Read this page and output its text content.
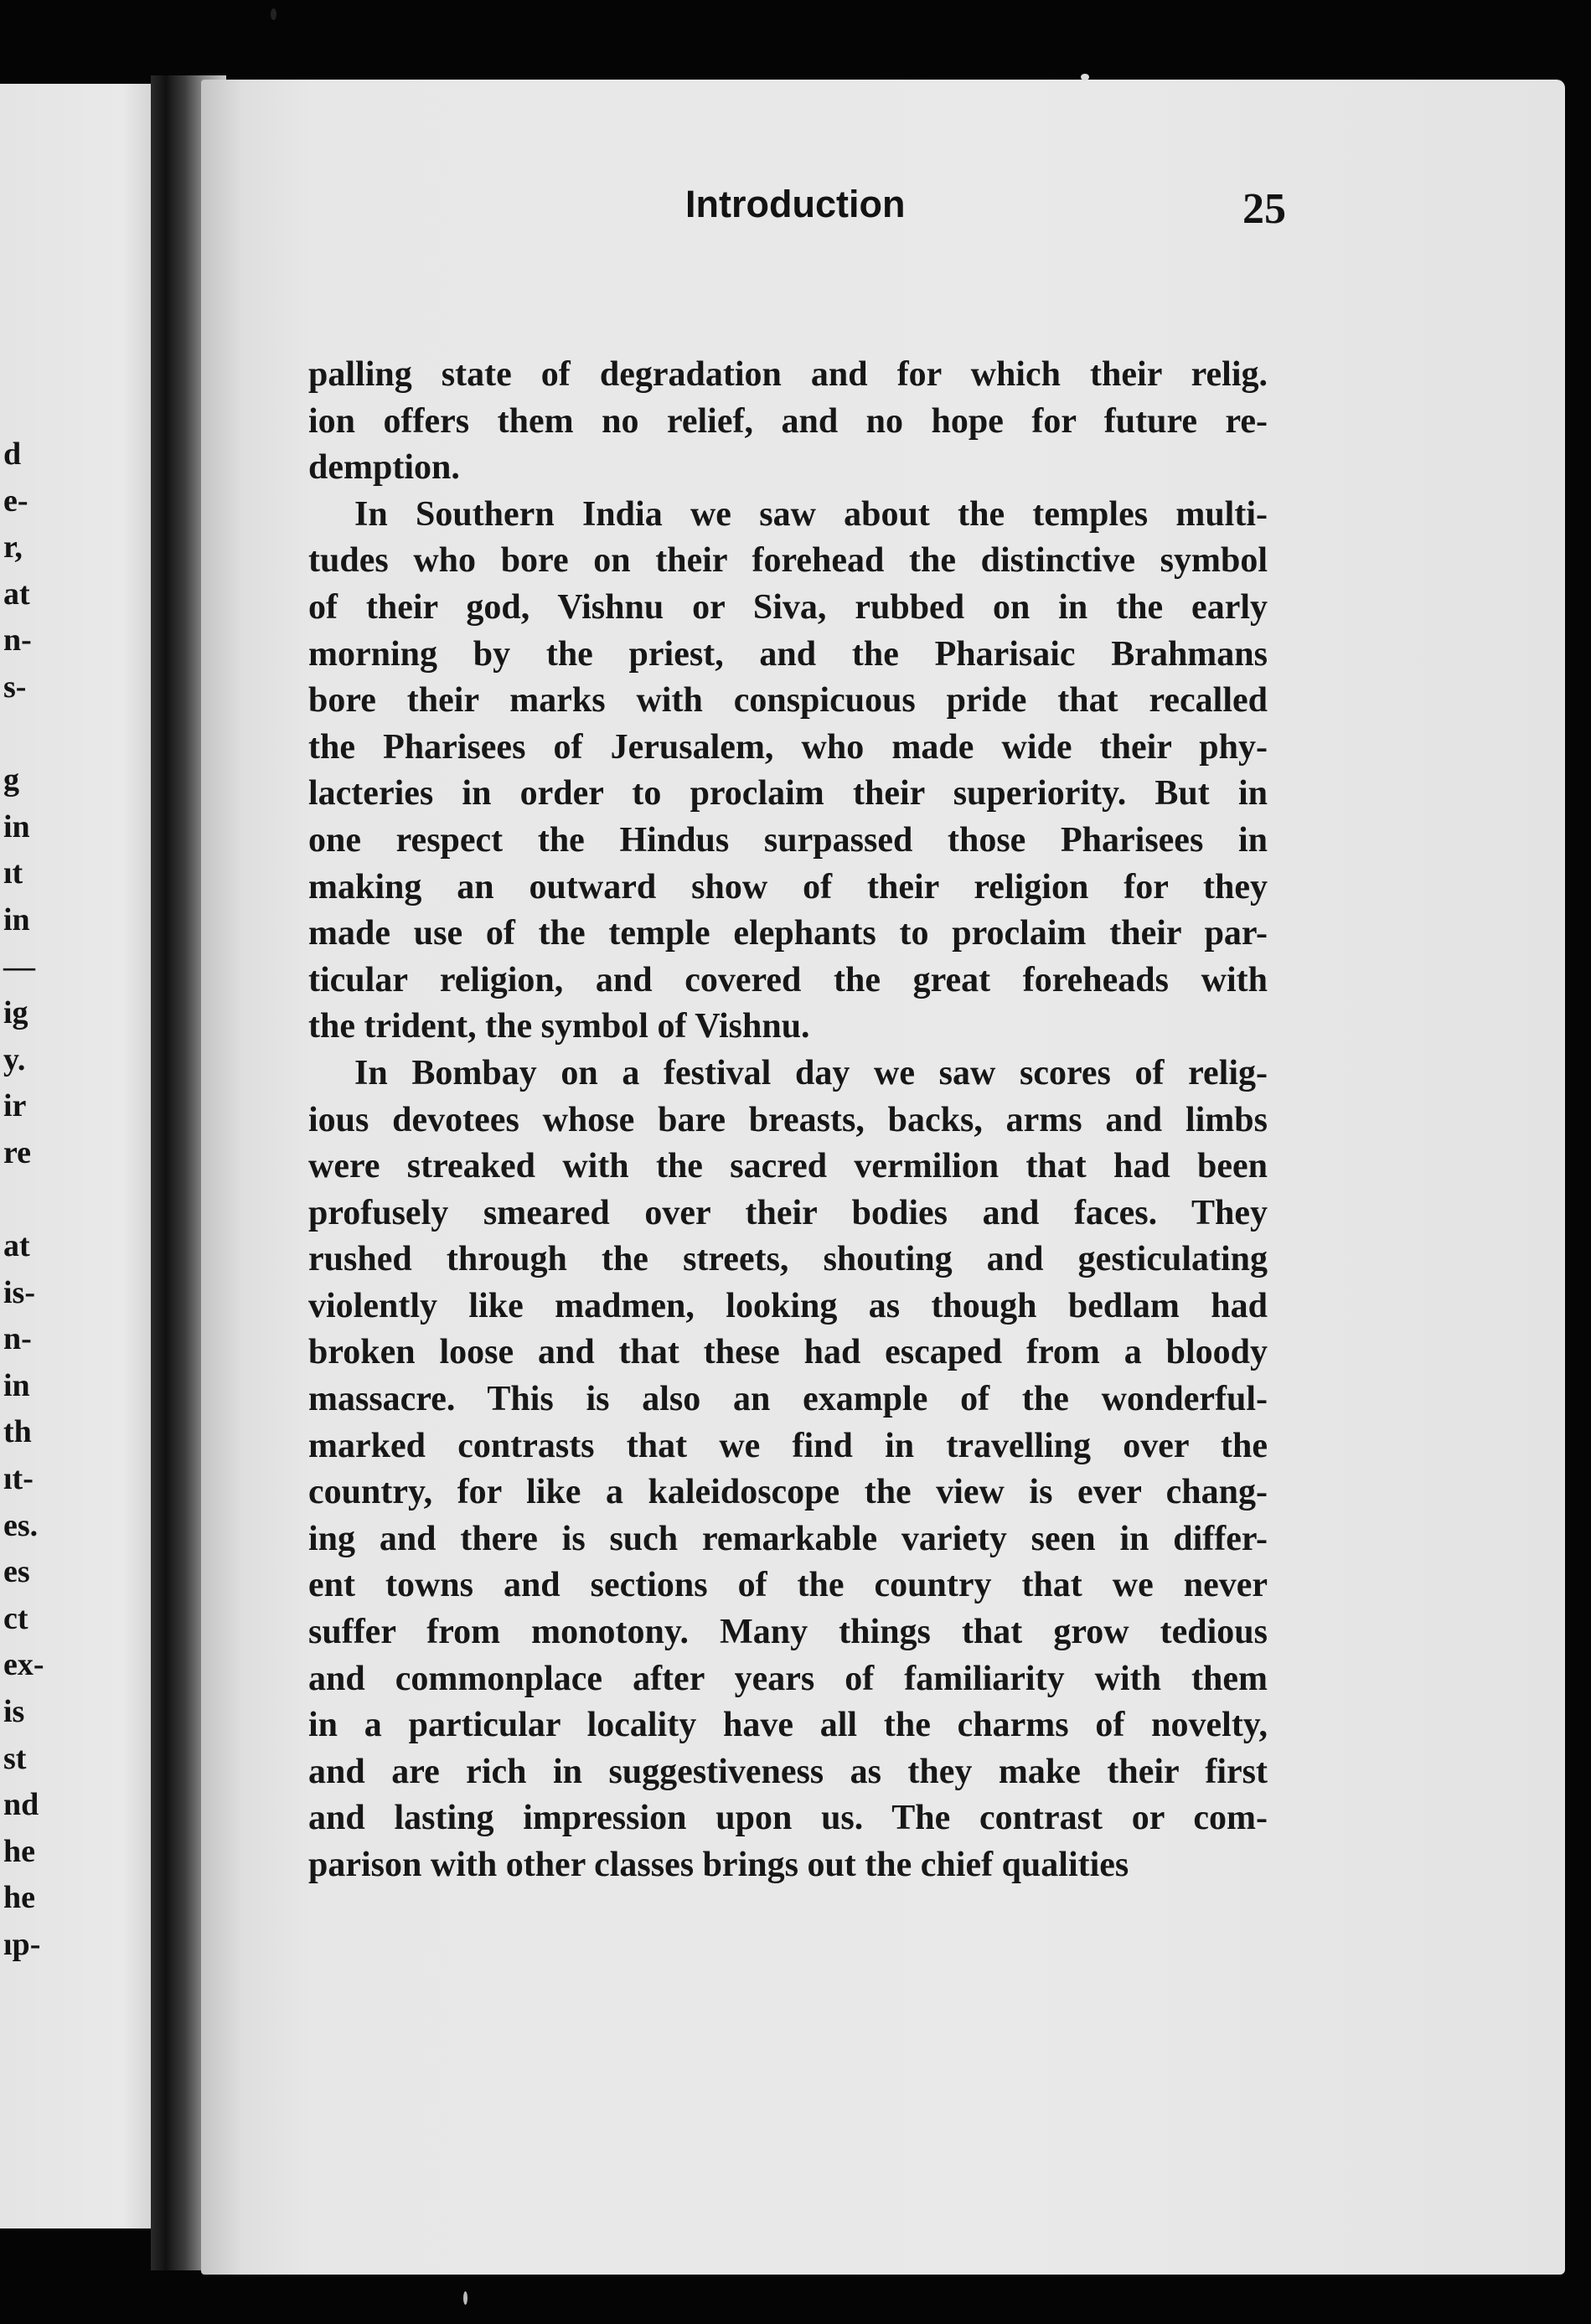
d
e-
r,
at
n-
s-
g
in
ıt
in
—
ig
y.
ir
re
at
is-
n-
in
th
ıt-
es.
es
ct
ex-
is
st
nd
he
he
ıp-
Introduction	25
palling state of degradation and for which their relig.
ion offers them no relief, and no hope for future re-
demption.
In Southern India we saw about the temples multi-
tudes who bore on their forehead the distinctive symbol
of their god, Vishnu or Siva, rubbed on in the early
morning by the priest, and the Pharisaic Brahmans
bore their marks with conspicuous pride that recalled
the Pharisees of Jerusalem, who made wide their phy-
lacteries in order to proclaim their superiority. But in
one respect the Hindus surpassed those Pharisees in
making an outward show of their religion for they
made use of the temple elephants to proclaim their par-
ticular religion, and covered the great foreheads with
the trident, the symbol of Vishnu.
In Bombay on a festival day we saw scores of relig-
ious devotees whose bare breasts, backs, arms and limbs
were streaked with the sacred vermilion that had been
profusely smeared over their bodies and faces. They
rushed through the streets, shouting and gesticulating
violently like madmen, looking as though bedlam had
broken loose and that these had escaped from a bloody
massacre. This is also an example of the wonderful-
marked contrasts that we find in travelling over the
country, for like a kaleidoscope the view is ever chang-
ing and there is such remarkable variety seen in differ-
ent towns and sections of the country that we never
suffer from monotony. Many things that grow tedious
and commonplace after years of familiarity with them
in a particular locality have all the charms of novelty,
and are rich in suggestiveness as they make their first
and lasting impression upon us. The contrast or com-
parison with other classes brings out the chief qualities
